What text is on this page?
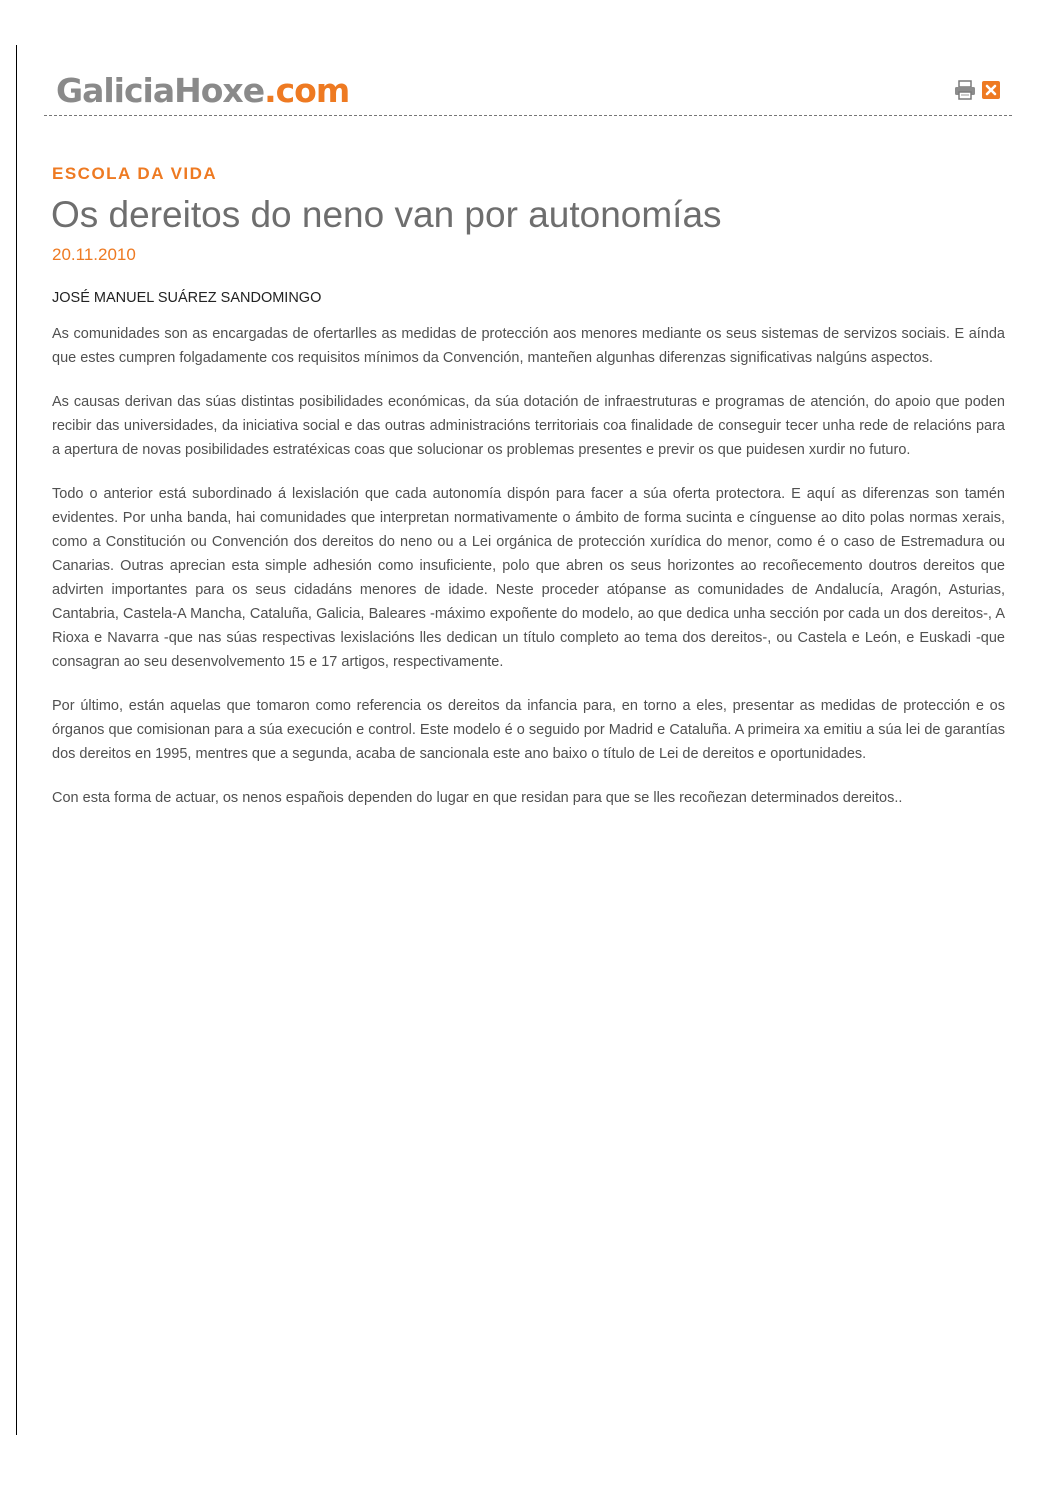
GaliciaHoxe.com
ESCOLA DA VIDA
Os dereitos do neno van por autonomías
20.11.2010
JOSÉ MANUEL SUÁREZ SANDOMINGO

As comunidades son as encargadas de ofertarlles as medidas de protección aos menores mediante os seus sistemas de servizos sociais. E aínda que estes cumpren folgadamente cos requisitos mínimos da Convención, manteñen algunhas diferenzas significativas nalgúns aspectos.

As causas derivan das súas distintas posibilidades económicas, da súa dotación de infraestruturas e programas de atención, do apoio que poden recibir das universidades, da iniciativa social e das outras administracións territoriais coa finalidade de conseguir tecer unha rede de relacións para a apertura de novas posibilidades estratéxicas coas que solucionar os problemas presentes e previr os que puidesen xurdir no futuro.

Todo o anterior está subordinado á lexislación que cada autonomía dispón para facer a súa oferta protectora. E aquí as diferenzas son tamén evidentes. Por unha banda, hai comunidades que interpretan normativamente o ámbito de forma sucinta e cínguense ao dito polas normas xerais, como a Constitución ou Convención dos dereitos do neno ou a Lei orgánica de protección xurídica do menor, como é o caso de Estremadura ou Canarias. Outras aprecian esta simple adhesión como insuficiente, polo que abren os seus horizontes ao recoñecemento doutros dereitos que advirten importantes para os seus cidadáns menores de idade. Neste proceder atópanse as comunidades de Andalucía, Aragón, Asturias, Cantabria, Castela-A Mancha, Cataluña, Galicia, Baleares -máximo expoñente do modelo, ao que dedica unha sección por cada un dos dereitos-, A Rioxa e Navarra -que nas súas respectivas lexislacións lles dedican un título completo ao tema dos dereitos-, ou Castela e León, e Euskadi -que consagran ao seu desenvolvemento 15 e 17 artigos, respectivamente.

Por último, están aquelas que tomaron como referencia os dereitos da infancia para, en torno a eles, presentar as medidas de protección e os órganos que comisionan para a súa execución e control. Este modelo é o seguido por Madrid e Cataluña. A primeira xa emitiu a súa lei de garantías dos dereitos en 1995, mentres que a segunda, acaba de sancionala este ano baixo o título de Lei de dereitos e oportunidades.

Con esta forma de actuar, os nenos españois dependen do lugar en que residan para que se lles recoñezan determinados dereitos..
